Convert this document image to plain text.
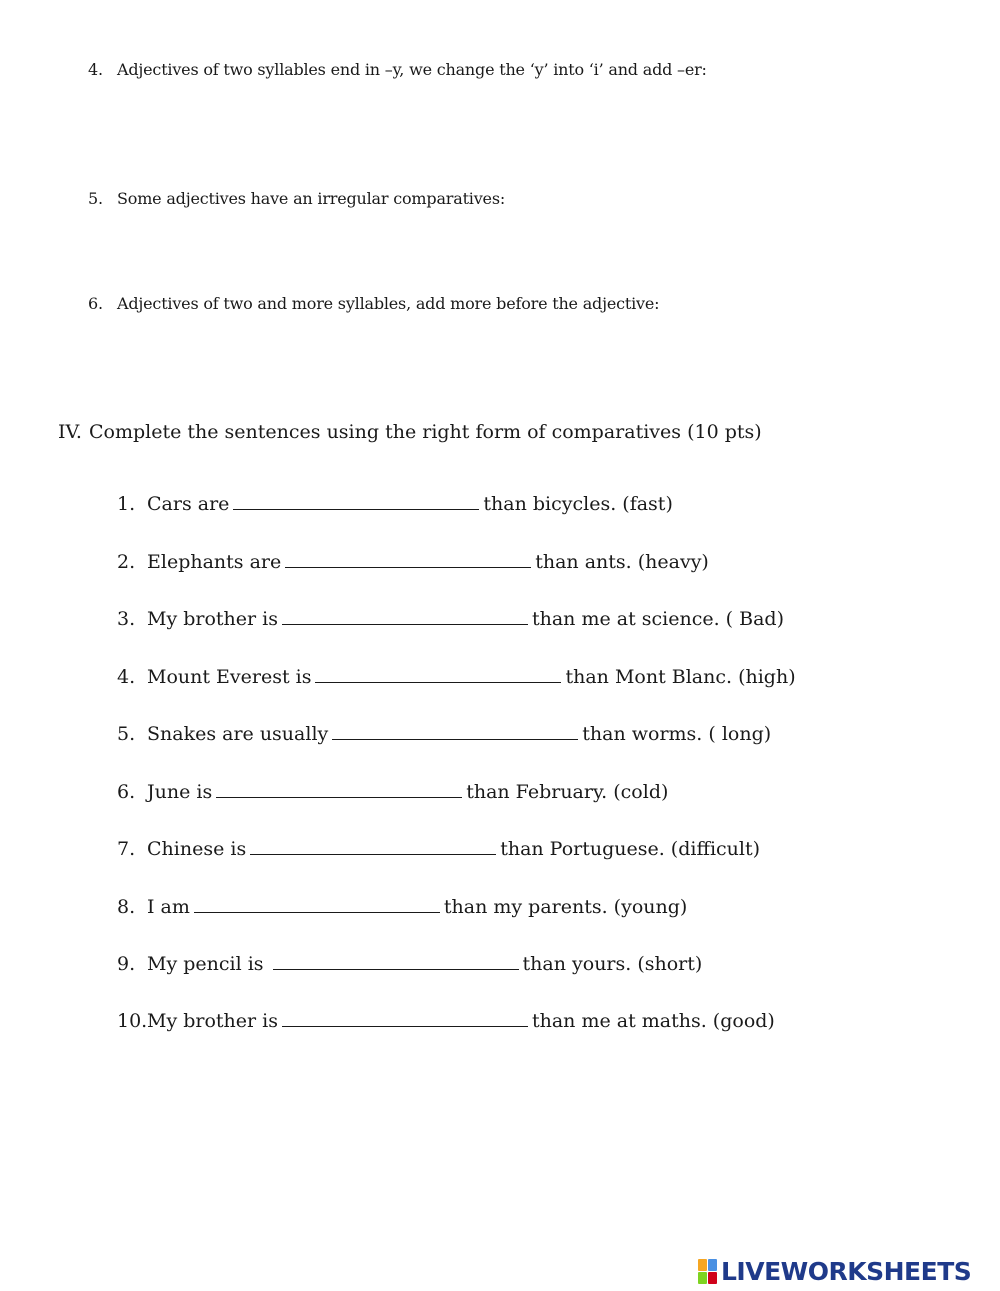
4. Adjectives of two syllables end in –y, we change the ‘y’ into ‘i’ and add –er:
5. Some adjectives have an irregular comparatives:
6. Adjectives of two and more syllables, add more before the adjective:
IV. Complete the sentences using the right form of comparatives (10 pts)
1. Cars are	than bicycles. (fast)
2. Elephants are	than ants. (heavy)
3. My brother is	than me at science. ( Bad)
4. Mount Everest is	than Mont Blanc. (high)
5. Snakes are usually	than worms. ( long)
6. June is	than February. (cold)
7. Chinese is	than Portuguese. (difficult)
8. I am	than my parents. (young)
9. My pencil is	than yours. (short)
10.My brother is	than me at maths. (good)
LIVEWORKSHEETS
